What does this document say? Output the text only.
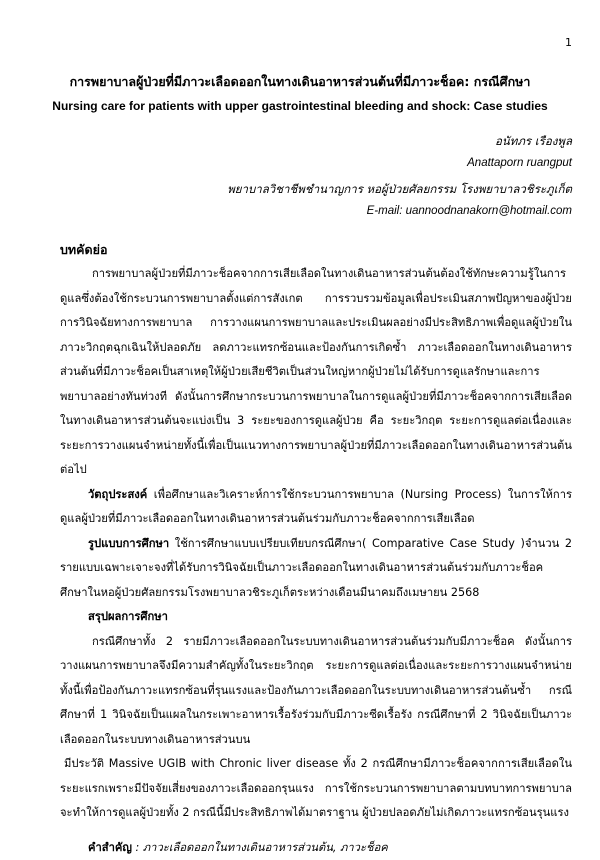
1
การพยาบาลผู้ป่วยที่มีภาวะเลือดออกในทางเดินอาหารส่วนต้นที่มีภาวะช็อค: กรณีศึกษา
Nursing care for patients with upper gastrointestinal bleeding and shock: Case studies
อนัทภร เรืองพูล
Anattaporn ruangput
พยาบาลวิชาชีพชำนาญการ หอผู้ป่วยศัลยกรรม โรงพยาบาลวชิระภูเก็ต
E-mail: uannoodnanakorn@hotmail.com
บทคัดย่อ

การพยาบาลผู้ป่วยที่มีภาวะช็อคจากการเสียเลือดในทางเดินอาหารส่วนต้นต้องใช้ทักษะความรู้ในการดูแลซึ่งต้องใช้กระบวนการพยาบาลตั้งแต่การสังเกต การรวบรวมข้อมูลเพื่อประเมินสภาพปัญหาของผู้ป่วย การวินิจฉัยทางการพยาบาล การวางแผนการพยาบาลและประเมินผลอย่างมีประสิทธิภาพเพื่อดูแลผู้ป่วยในภาวะวิกฤตฉุกเฉินให้ปลอดภัย ลดภาวะแทรกซ้อนและป้องกันการเกิดซ้ำ ภาวะเลือดออกในทางเดินอาหารส่วนต้นที่มีภาวะช็อคเป็นสาเหตุให้ผู้ป่วยเสียชีวิตเป็นส่วนใหญ่หากผู้ป่วยไม่ได้รับการดูแลรักษาและการพยาบาลอย่างทันท่วงที ดังนั้นการศึกษากระบวนการพยาบาลในการดูแลผู้ป่วยที่มีภาวะช็อคจากการเสียเลือดในทางเดินอาหารส่วนต้นจะแบ่งเป็น 3 ระยะของการดูแลผู้ป่วย คือ ระยะวิกฤต ระยะการดูแลต่อเนื่องและระยะการวางแผนจำหน่ายทั้งนี้เพื่อเป็นแนวทางการพยาบาลผู้ป่วยที่มีภาวะเลือดออกในทางเดินอาหารส่วนต้นต่อไป

วัตถุประสงค์ เพื่อศึกษาและวิเคราะห์การใช้กระบวนการพยาบาล (Nursing Process) ในการให้การดูแลผู้ป่วยที่มีภาวะเลือดออกในทางเดินอาหารส่วนต้นร่วมกับภาวะช็อคจากการเสียเลือด

รูปแบบการศึกษา ใช้การศึกษาแบบเปรียบเทียบกรณีศึกษา( Comparative Case Study )จำนวน 2 รายแบบเฉพาะเจาะจงที่ได้รับการวินิจฉัยเป็นภาวะเลือดออกในทางเดินอาหารส่วนต้นร่วมกับภาวะช็อค ศึกษาในหอผู้ป่วยศัลยกรรมโรงพยาบาลวชิระภูเก็ตระหว่างเดือนมีนาคมถึงเมษายน 2568

สรุปผลการศึกษา

กรณีศึกษาทั้ง 2 รายมีภาวะเลือดออกในระบบทางเดินอาหารส่วนต้นร่วมกับมีภาวะช็อค ดังนั้นการวางแผนการพยาบาลจึงมีความสำคัญทั้งในระยะวิกฤต ระยะการดูแลต่อเนื่องและระยะการวางแผนจำหน่ายทั้งนี้เพื่อป้องกันภาวะแทรกซ้อนที่รุนแรงและป้องกันภาวะเลือดออกในระบบทางเดินอาหารส่วนต้นซ้ำ กรณีศึกษาที่ 1 วินิจฉัยเป็นแผลในกระเพาะอาหารเรื้อรังร่วมกับมีภาวะซีดเรื้อรัง กรณีศึกษาที่ 2 วินิจฉัยเป็นภาวะเลือดออกในระบบทางเดินอาหารส่วนบน

มีประวัติ Massive UGIB with Chronic liver disease ทั้ง 2 กรณีศึกษามีภาวะช็อคจากการเสียเลือดในระยะแรกเพราะมีปัจจัยเสี่ยงของภาวะเลือดออกรุนแรง การใช้กระบวนการพยาบาลตามบทบาทการพยาบาลจะทำให้การดูแลผู้ป่วยทั้ง 2 กรณีนี้มีประสิทธิภาพได้มาตราฐาน ผู้ป่วยปลอดภัยไม่เกิดภาวะแทรกซ้อนรุนแรง

คำสำคัญ : ภาวะเลือดออกในทางเดินอาหารส่วนต้น, ภาวะช็อค
